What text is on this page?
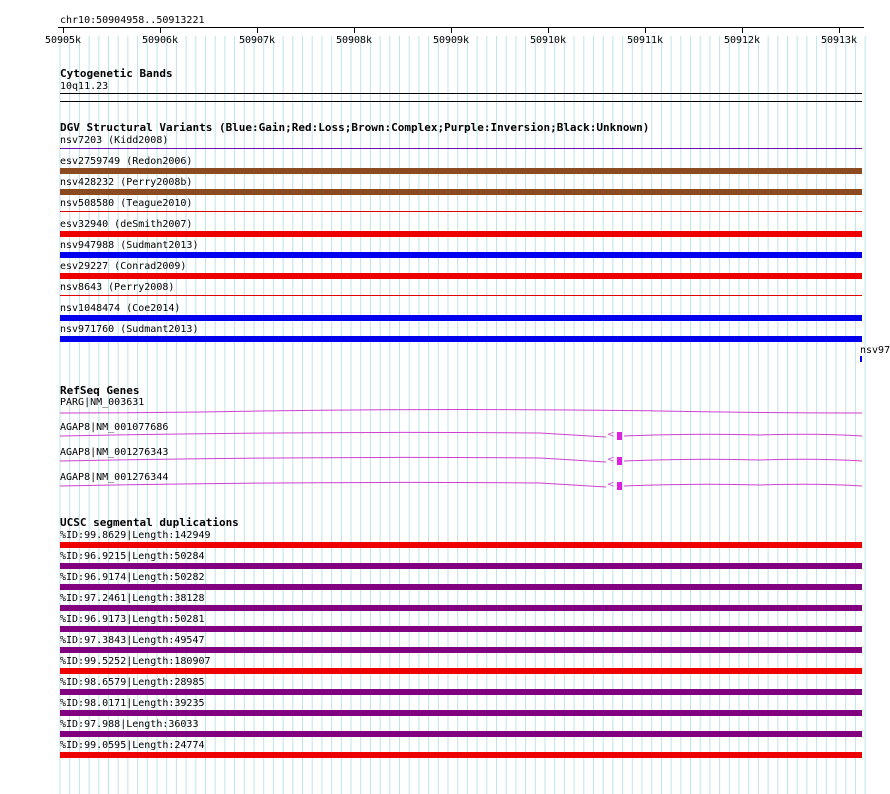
chr10:50904958..50913221
50905k	50906k	50907k	50908k	50909k	50910k	50911k	50912k	50913k
Cytogenetic Bands
10q11.23
DGV Structural Variants (Blue:Gain;Red:Loss;Brown:Complex;Purple:Inversion;Black:Unknown)
nsv7203 (Kidd2008)
esv2759749 (Redon2006)
nsv428232 (Perry2008b)
nsv508580 (Teague2010)
esv32940 (deSmith2007)
nsv947988 (Sudmant2013)
esv29227 (Conrad2009)
nsv8643 (Perry2008)
nsv1048474 (Coe2014)
nsv971760 (Sudmant2013)
nsv97
RefSeq Genes
PARG|NM_003631
AGAP8|NM_001077686
<
AGAP8|NM_001276343
<
AGAP8|NM_001276344
<
UCSC segmental duplications
%ID:99.8629|Length:142949
%ID:96.9215|Length:50284
%ID:96.9174|Length:50282
%ID:97.2461|Length:38128
%ID:96.9173|Length:50281
%ID:97.3843|Length:49547
%ID:99.5252|Length:180907
%ID:98.6579|Length:28985
%ID:98.0171|Length:39235
%ID:97.988|Length:36033
%ID:99.0595|Length:24774
